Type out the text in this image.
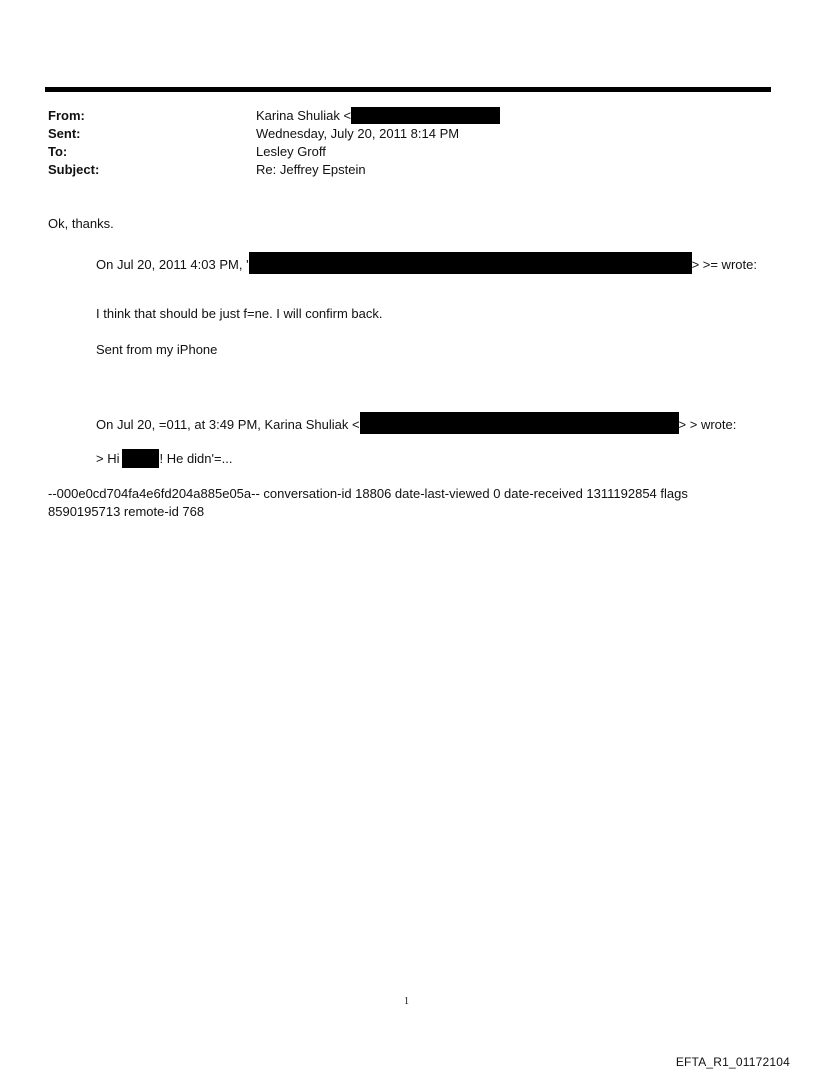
From:	Karina Shuliak <
Sent:	Wednesday, July 20, 2011 8:14 PM
To:	Lesley Groff
Subject:	Re: Jeffrey Epstein
Ok, thanks.
On Jul 20, 2011 4:03 PM, '	> >= wrote:
I think that should be just f=ne. I will confirm back.
Sent from my iPhone
On Jul 20, =011, at 3:49 PM, Karina Shuliak <	> > wrote:
> Hi	! He didn'=...
--000e0cd704fa4e6fd204a885e05a-- conversation-id 18806 date-last-viewed 0 date-received 1311192854 flags
8590195713 remote-id 768
1
EFTA_R1_01172104
